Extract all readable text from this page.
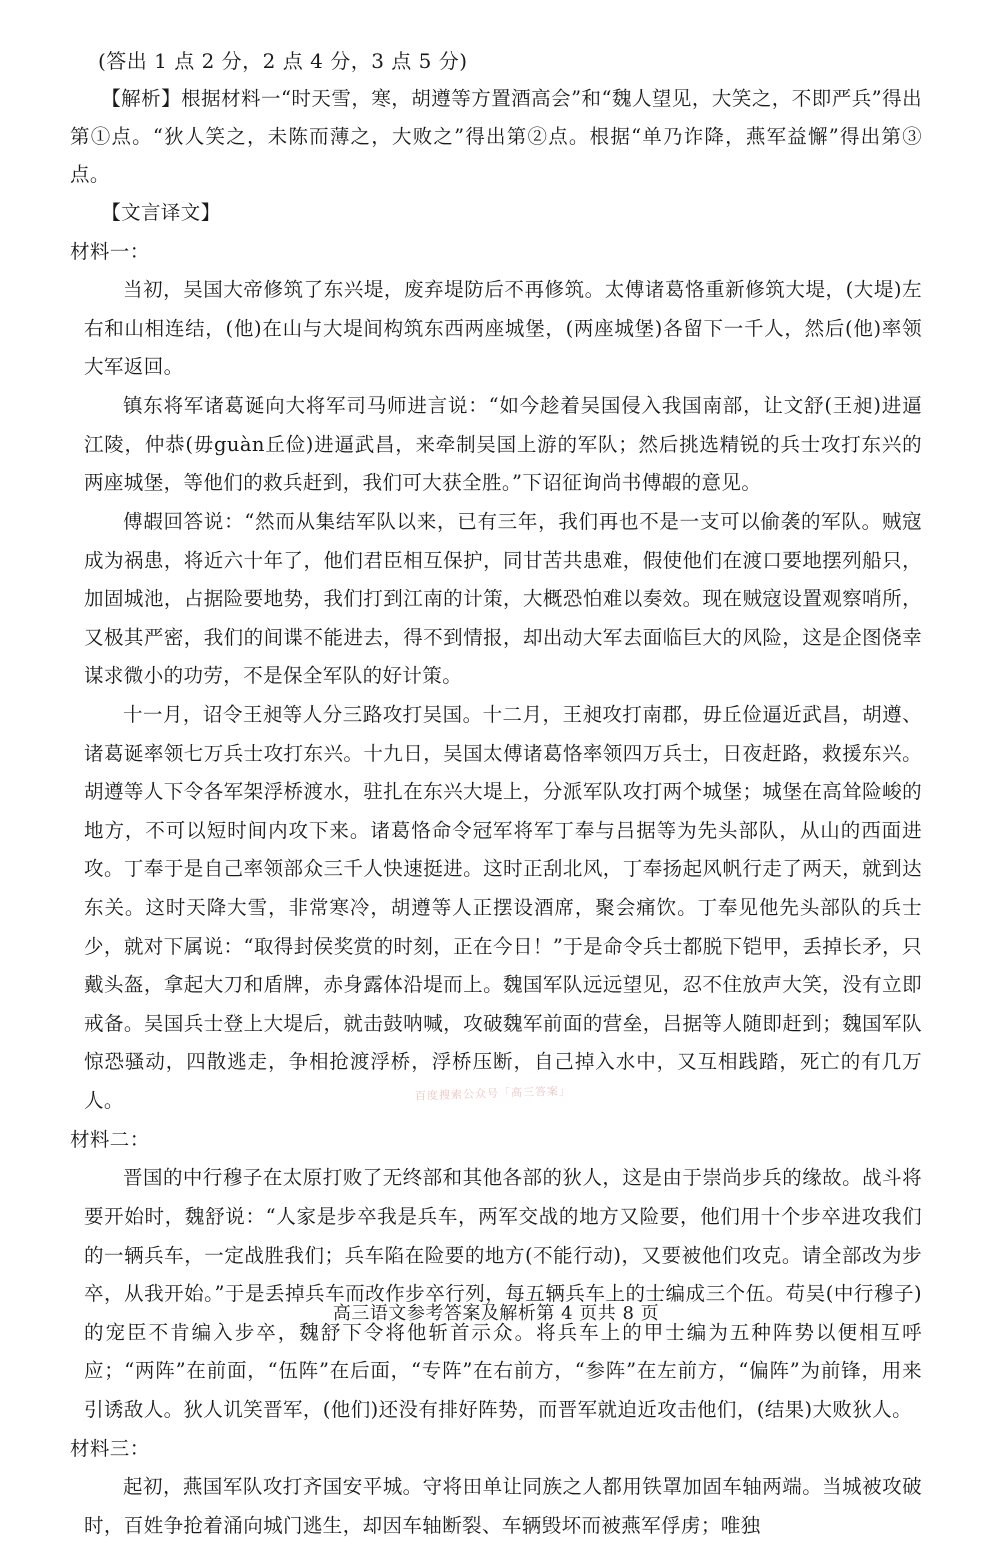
(答出 1 点 2 分，2 点 4 分，3 点 5 分)
【解析】根据材料一“时天雪，寒，胡遵等方置酒高会”和“魏人望见，大笑之，不即严兵”得出第①点。“狄人笑之，未陈而薄之，大败之”得出第②点。根据“单乃诈降，燕军益懈”得出第③点。
【文言译文】
材料一：

当初，吴国大帝修筑了东兴堤，废弃堤防后不再修筑。太傅诸葛恪重新修筑大堤，(大堤)左右和山相连结，(他)在山与大堤间构筑东西两座城堡，(两座城堡)各留下一千人，然后(他)率领大军返回。

镇东将军诸葛诞向大将军司马师进言说：“如今趁着吴国侵入我国南部，让文舒(王昶)进逼江陵，仲恭(毋guàn丘俭)进逼武昌，来牵制吴国上游的军队；然后挑选精锐的兵士攻打东兴的两座城堡，等他们的救兵赶到，我们可大获全胜。”下诏征询尚书傅嘏的意见。

傅嘏回答说：“然而从集结军队以来，已有三年，我们再也不是一支可以偷袭的军队。贼寇成为祸患，将近六十年了，他们君臣相互保护，同甘苦共患难，假使他们在渡口要地摆列船只，加固城池，占据险要地势，我们打到江南的计策，大概恐怕难以奏效。现在贼寇设置观察哨所，又极其严密，我们的间谍不能进去，得不到情报，却出动大军去面临巨大的风险，这是企图侥幸谋求微小的功劳，不是保全军队的好计策。

十一月，诏令王昶等人分三路攻打吴国。十二月，王昶攻打南郡，毋丘俭逼近武昌，胡遵、诸葛诞率领七万兵士攻打东兴。十九日，吴国太傅诸葛恪率领四万兵士，日夜赶路，救援东兴。胡遵等人下令各军架浮桥渡水，驻扎在东兴大堤上，分派军队攻打两个城堡；城堡在高耸险峻的地方，不可以短时间内攻下来。诸葛恪命令冠军将军丁奉与吕据等为先头部队，从山的西面进攻。丁奉于是自己率领部众三千人快速挺进。这时正刮北风，丁奉扬起风帆行走了两天，就到达东关。这时天降大雪，非常寒冷，胡遵等人正摆设酒席，聚会痛饮。丁奉见他先头部队的兵士少，就对下属说：“取得封侯奖赏的时刻，正在今日！”于是命令兵士都脱下铠甲，丢掉长矛，只戴头盔，拿起大刀和盾牌，赤身露体沿堤而上。魏国军队远远望见，忍不住放声大笑，没有立即戒备。吴国兵士登上大堤后，就击鼓呐喊，攻破魏军前面的营垒，吕据等人随即赶到；魏国军队惊恐骚动，四散逃走，争相抢渡浮桥，浮桥压断，自己掉入水中，又互相践踏，死亡的有几万人。

材料二：

晋国的中行穆子在太原打败了无终部和其他各部的狄人，这是由于崇尚步兵的缘故。战斗将要开始时，魏舒说：“人家是步卒我是兵车，两军交战的地方又险要，他们用十个步卒进攻我们的一辆兵车，一定战胜我们；兵车陷在险要的地方(不能行动)，又要被他们攻克。请全部改为步卒，从我开始。”于是丢掉兵车而改作步卒行列，每五辆兵车上的士编成三个伍。苟吴(中行穆子)的宠臣不肯编入步卒，魏舒下令将他斩首示众。将兵车上的甲士编为五种阵势以便相互呼应；“两阵”在前面，“伍阵”在后面，“专阵”在右前方，“参阵”在左前方，“偏阵”为前锋，用来引诱敌人。狄人讥笑晋军，(他们)还没有排好阵势，而晋军就迫近攻击他们，(结果)大败狄人。

材料三：

起初，燕国军队攻打齐国安平城。守将田单让同族之人都用铁罩加固车轴两端。当城被攻破时，百姓争抢着涌向城门逃生，却因车轴断裂、车辆毁坏而被燕军俘虏；唯独

百度搜索公众号「高三答案」
高三语文参考答案及解析第 4 页共 8 页
